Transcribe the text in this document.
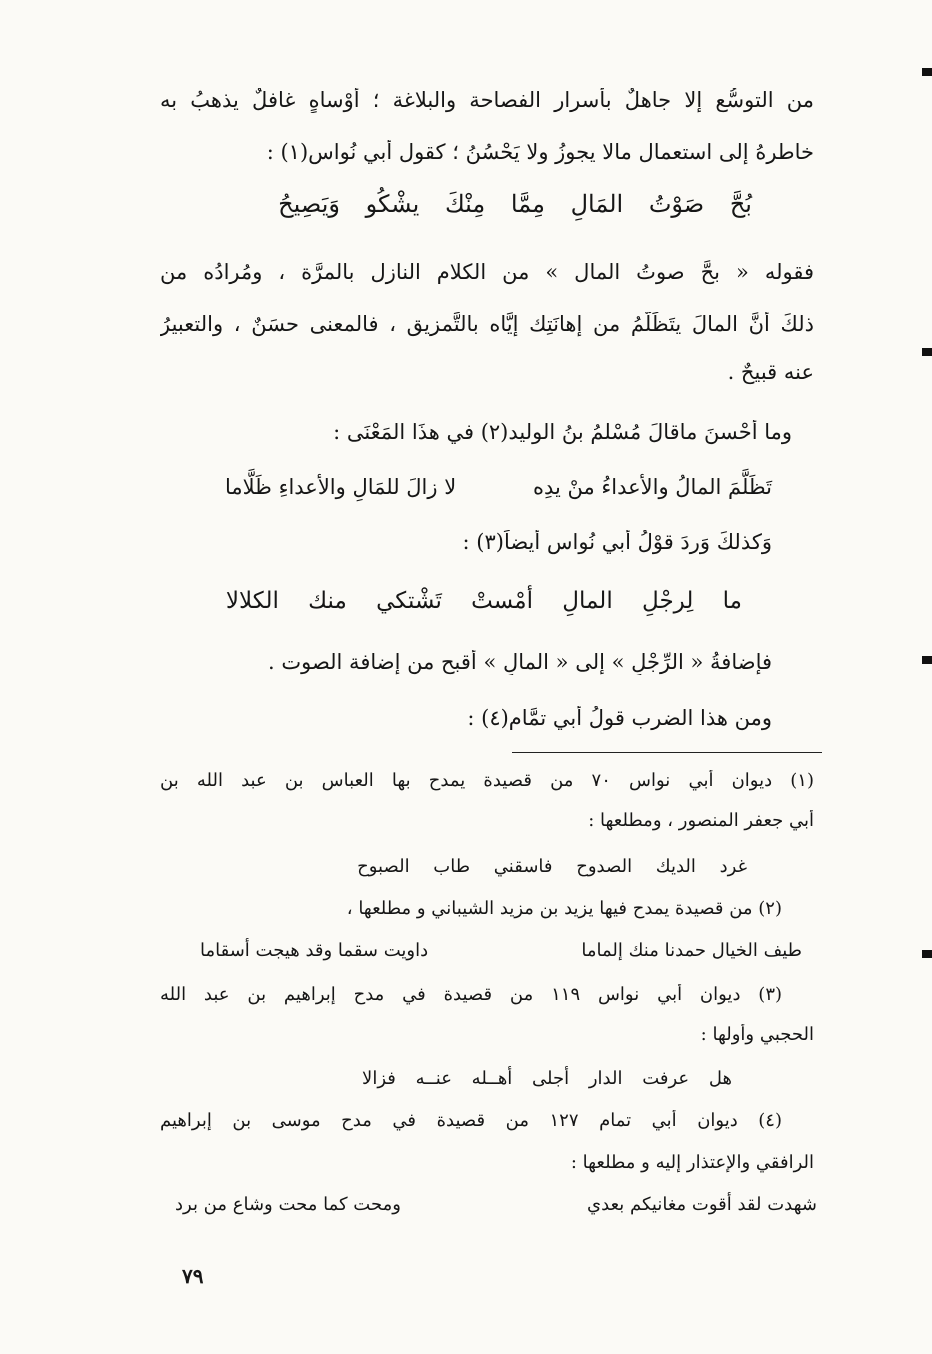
من التوسُّع إلا جاهلٌ بأسرار الفصاحة والبلاغة ؛ أوْساهٍ غافلٌ يذهبُ به
خاطرهُ إلى استعمال مالا يجوزُ ولا يَحْسُنُ ؛ كقول أبي نُواس(١) :
بُحَّ صَوْتُ المَالِ مِمَّا مِنْكَ يشْكُو وَيَصِيحُ
فقوله « بحَّ صوتُ المال » من الكلام النازل بالمرَّة ، ومُرادُه من
ذلكَ أنَّ المالَ يتَظَلَّمُ من إهانَتِك إيَّاه بالتَّمزيق ، فالمعنى حسَنٌ ، والتعبيرُ
عنه قبيحٌ .
وما أحْسنَ ماقالَ مُسْلمُ بنُ الوليد(٢) في هذَا المَعْنَى :
تَظَلَّمَ المالُ والأعداءُ منْ يدِه
لا زالَ للمَالِ والأعداءِ ظَلَّاما
وَكذلكَ وَردَ قوْلُ أبي نُواسٍ أيضاً(٣) :
ما لِرجْلِ المالِ أمْستْ تَشْتكي منك الكلالا
فإضافةُ « الرِّجْلِ » إلى « المالِ » أقبح من إضافة الصوت .
ومن هذا الضرب قولُ أبي تمَّام(٤) :
(١) ديوان أبي نواس ٧٠ من قصيدة يمدح بها العباس بن عبد الله بن
أبي جعفر المنصور ، ومطلعها :
غرد الديك الصدوح فاسقني طاب الصبوح
(٢) من قصيدة يمدح فيها يزيد بن مزيد الشيباني و مطلعها ،
طيف الخيال حمدنا منك إلماما
داويت سقما وقد هيجت أسقاما
(٣) ديوان أبي نواس ١١٩ من قصيدة في مدح إبراهيم بن عبد الله
الحجبي وأولها :
هل عرفت الدار أجلى أهــله عنــه فزالا
(٤) ديوان أبي تمام ١٢٧ من قصيدة في مدح موسى بن إبراهيم
الرافقي والإعتذار إليه و مطلعها :
شهدت لقد أقوت مغانيكم بعدي
ومحت كما محت وشاع من برد
٧٩
